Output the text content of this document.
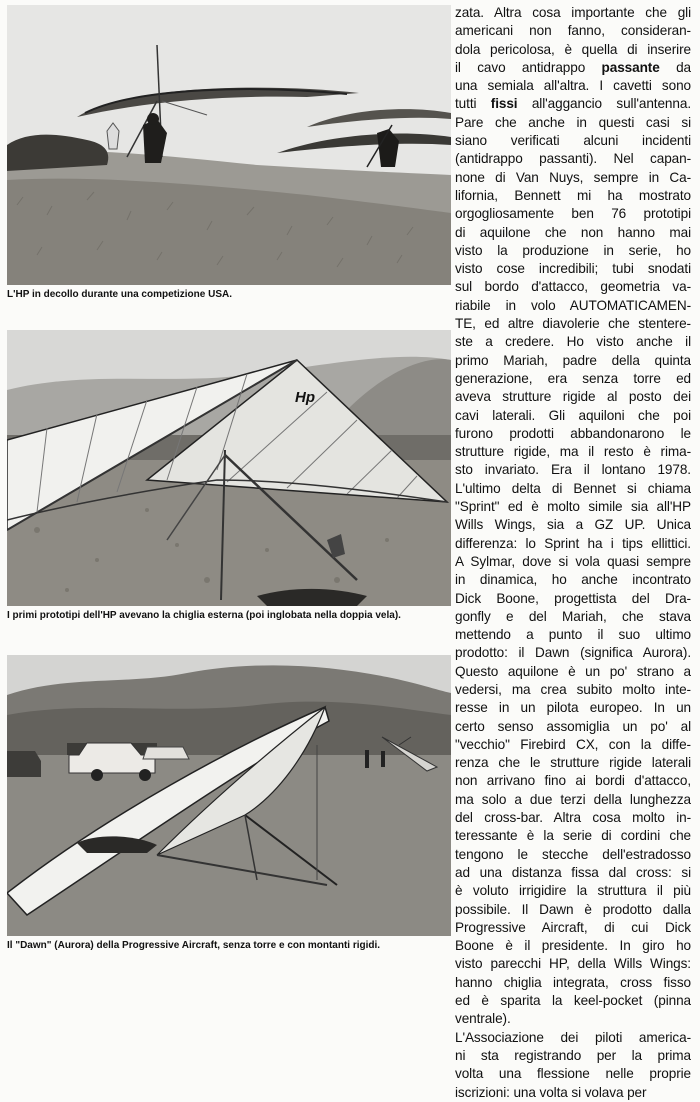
L'HP in decollo durante una competizione USA.
Hp
I primi prototipi dell'HP avevano la chiglia esterna (poi inglobata nella doppia vela).
Il "Dawn" (Aurora) della Progressive Aircraft, senza torre e con montanti rigidi.
zata. Altra cosa importante che gli
americani non fanno, consideran-
dola pericolosa, è quella di inserire
il cavo antidrappo passante da
una semiala all'altra. I cavetti sono
tutti fissi all'aggancio sull'antenna.
Pare che anche in questi casi si
siano verificati alcuni incidenti
(antidrappo passanti). Nel capan-
none di Van Nuys, sempre in Ca-
lifornia, Bennett mi ha mostrato
orgogliosamente ben 76 prototipi
di aquilone che non hanno mai
visto la produzione in serie, ho
visto cose incredibili; tubi snodati
sul bordo d'attacco, geometria va-
riabile in volo AUTOMATICAMEN-
TE, ed altre diavolerie che stentere-
ste a credere. Ho visto anche il
primo Mariah, padre della quinta
generazione, era senza torre ed
aveva strutture rigide al posto dei
cavi laterali. Gli aquiloni che poi
furono prodotti abbandonarono le
strutture rigide, ma il resto è rima-
sto invariato. Era il lontano 1978.
L'ultimo delta di Bennet si chiama
"Sprint" ed è molto simile sia all'HP
Wills Wings, sia a GZ UP. Unica
differenza: lo Sprint ha i tips ellittici.
A Sylmar, dove si vola quasi sempre
in dinamica, ho anche incontrato
Dick Boone, progettista del Dra-
gonfly e del Mariah, che stava
mettendo a punto il suo ultimo
prodotto: il Dawn (significa Aurora).
Questo aquilone è un po' strano a
vedersi, ma crea subito molto inte-
resse in un pilota europeo. In un
certo senso assomiglia un po' al
"vecchio" Firebird CX, con la diffe-
renza che le strutture rigide laterali
non arrivano fino ai bordi d'attacco,
ma solo a due terzi della lunghezza
del cross-bar. Altra cosa molto in-
teressante è la serie di cordini che
tengono le stecche dell'estradosso
ad una distanza fissa dal cross: si
è voluto irrigidire la struttura il più
possibile. Il Dawn è prodotto dalla
Progressive Aircraft, di cui Dick
Boone è il presidente. In giro ho
visto parecchi HP, della Wills Wings:
hanno chiglia integrata, cross fisso
ed è sparita la keel-pocket (pinna
ventrale).
L'Associazione dei piloti america-
ni sta registrando per la prima
volta una flessione nelle proprie
iscrizioni: una volta si volava per
